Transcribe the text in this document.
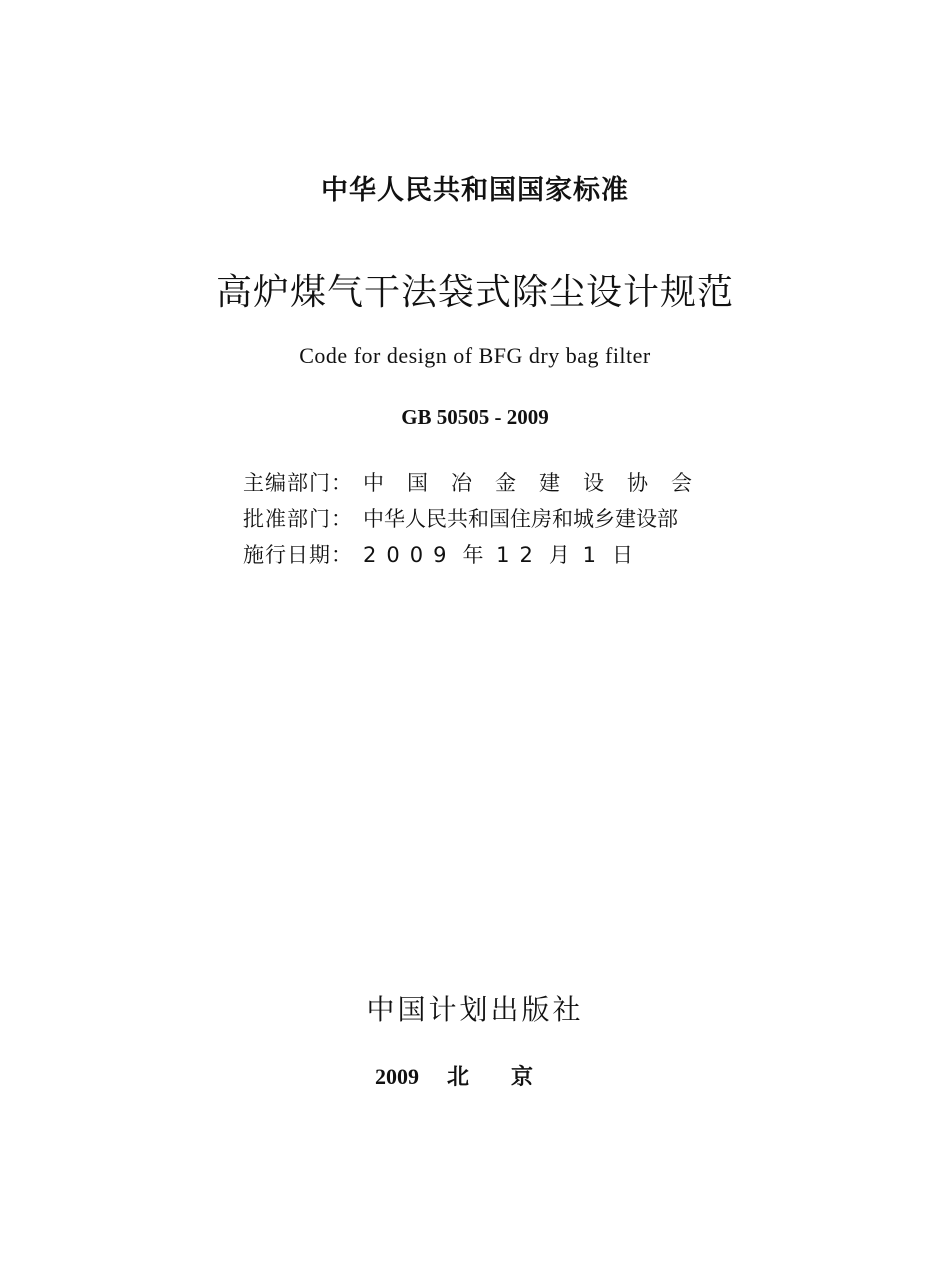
中华人民共和国国家标准
高炉煤气干法袋式除尘设计规范
Code for design of BFG dry bag filter
GB 50505 - 2009
主编部门： 中国冶金建设协会
批准部门： 中华人民共和国住房和城乡建设部
施行日期： 2009 年 12 月 1 日
中国计划出版社
2009 北京
